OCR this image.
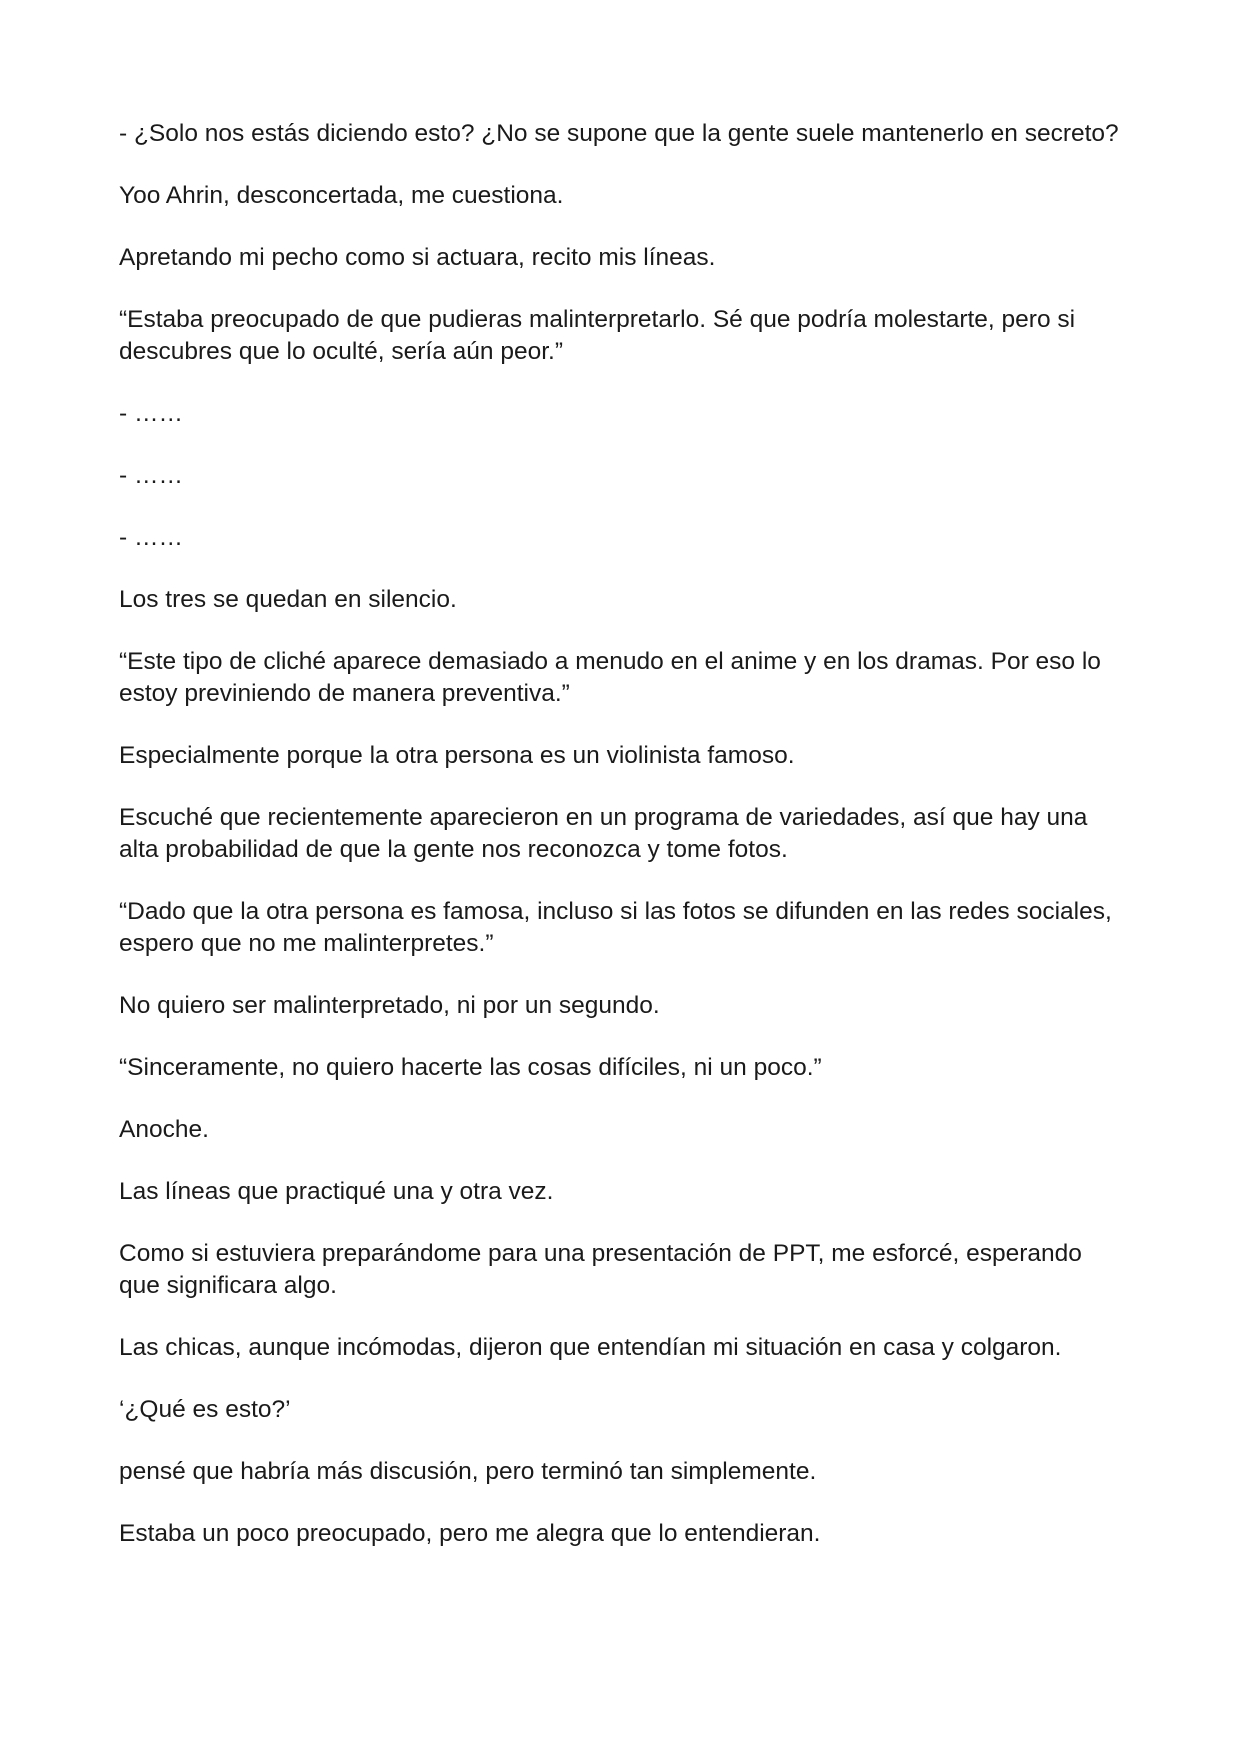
- ¿Solo nos estás diciendo esto? ¿No se supone que la gente suele mantenerlo en secreto?

Yoo Ahrin, desconcertada, me cuestiona.

Apretando mi pecho como si actuara, recito mis líneas.

“Estaba preocupado de que pudieras malinterpretarlo. Sé que podría molestarte, pero si descubres que lo oculté, sería aún peor.”

- ……

- ……

- ……

Los tres se quedan en silencio.

“Este tipo de cliché aparece demasiado a menudo en el anime y en los dramas. Por eso lo estoy previniendo de manera preventiva.”

Especialmente porque la otra persona es un violinista famoso.

Escuché que recientemente aparecieron en un programa de variedades, así que hay una alta probabilidad de que la gente nos reconozca y tome fotos.

“Dado que la otra persona es famosa, incluso si las fotos se difunden en las redes sociales, espero que no me malinterpretes.”

No quiero ser malinterpretado, ni por un segundo.

“Sinceramente, no quiero hacerte las cosas difíciles, ni un poco.”

Anoche.

Las líneas que practiqué una y otra vez.

Como si estuviera preparándome para una presentación de PPT, me esforcé, esperando que significara algo.

Las chicas, aunque incómodas, dijeron que entendían mi situación en casa y colgaron.

‘¿Qué es esto?’

pensé que habría más discusión, pero terminó tan simplemente.

Estaba un poco preocupado, pero me alegra que lo entendieran.
